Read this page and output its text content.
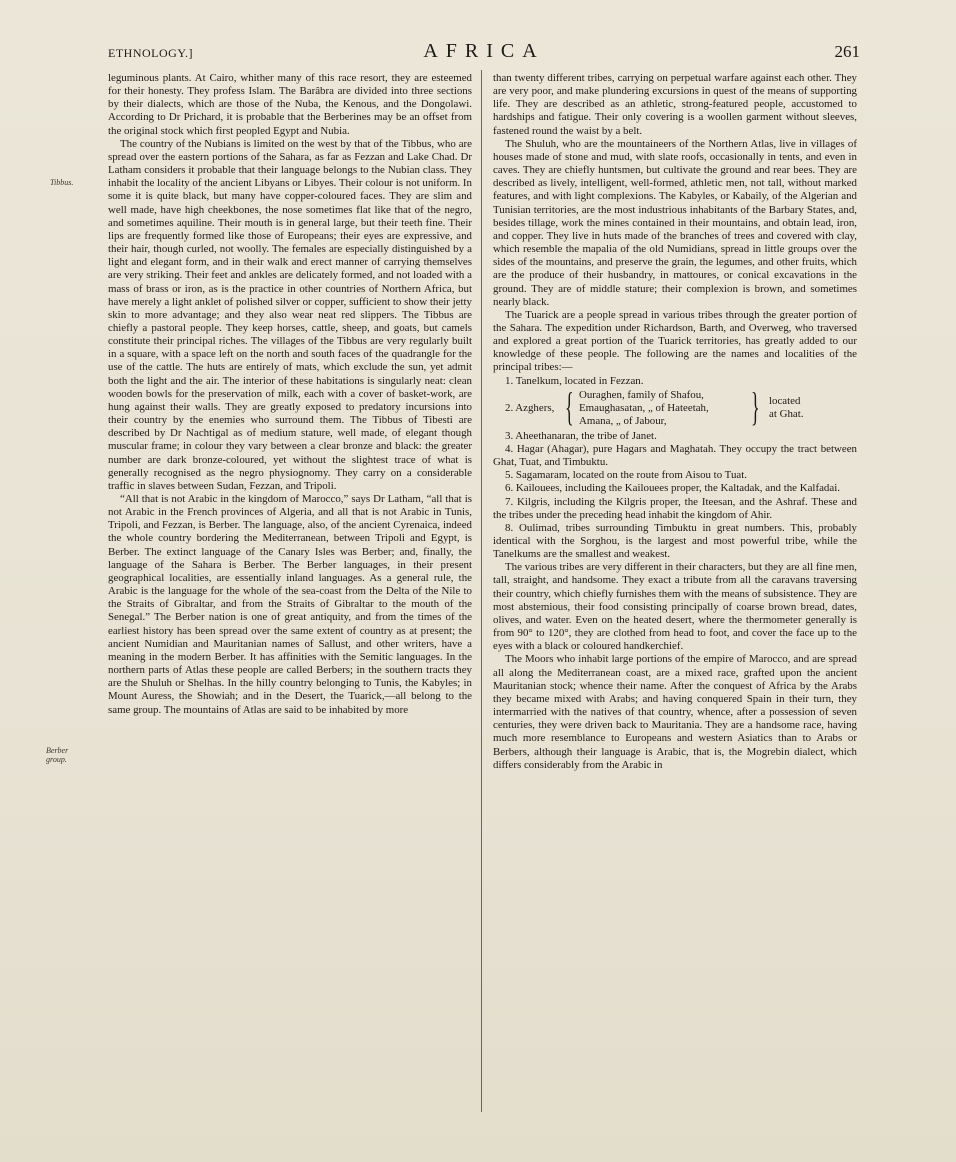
ETHNOLOGY.]	AFRICA	261
Tibbus.
Berber group.

leguminous plants. At Cairo, whither many of this race resort, they are esteemed for their honesty. They profess Islam. The Barâbra are divided into three sections by their dialects, which are those of the Nuba, the Kenous, and the Dongolawi. According to Dr Prichard, it is probable that the Berberines may be an offset from the original stock which first peopled Egypt and Nubia.

The country of the Nubians is limited on the west by that of the Tibbus, who are spread over the eastern portions of the Sahara, as far as Fezzan and Lake Chad. Dr Latham considers it probable that their language belongs to the Nubian class. They inhabit the locality of the ancient Libyans or Libyes. Their colour is not uniform. In some it is quite black, but many have copper-coloured faces. They are slim and well made, have high cheekbones, the nose sometimes flat like that of the negro, and sometimes aquiline. Their mouth is in general large, but their teeth fine. Their lips are frequently formed like those of Europeans; their eyes are expressive, and their hair, though curled, not woolly. The females are especially distinguished by a light and elegant form, and in their walk and erect manner of carrying themselves are very striking. Their feet and ankles are delicately formed, and not loaded with a mass of brass or iron, as is the practice in other countries of Northern Africa, but have merely a light anklet of polished silver or copper, sufficient to show their jetty skin to more advantage; and they also wear neat red slippers. The Tibbus are chiefly a pastoral people. They keep horses, cattle, sheep, and goats, but camels constitute their principal riches. The villages of the Tibbus are very regularly built in a square, with a space left on the north and south faces of the quadrangle for the use of the cattle. The huts are entirely of mats, which exclude the sun, yet admit both the light and the air. The interior of these habitations is singularly neat: clean wooden bowls for the preservation of milk, each with a cover of basket-work, are hung against their walls. They are greatly exposed to predatory incursions into their country by the enemies who surround them. The Tibbus of Tibesti are described by Dr Nachtigal as of medium stature, well made, of elegant though muscular frame; in colour they vary between a clear bronze and black: the greater number are dark bronze-coloured, yet without the slightest trace of what is generally recognised as the negro physiognomy. They carry on a considerable traffic in slaves between Sudan, Fezzan, and Tripoli.

“All that is not Arabic in the kingdom of Marocco,” says Dr Latham, “all that is not Arabic in the French provinces of Algeria, and all that is not Arabic in Tunis, Tripoli, and Fezzan, is Berber. The language, also, of the ancient Cyrenaica, indeed the whole country bordering the Mediterranean, between Tripoli and Egypt, is Berber. The extinct language of the Canary Isles was Berber; and, finally, the language of the Sahara is Berber. The Berber languages, in their present geographical localities, are essentially inland languages. As a general rule, the Arabic is the language for the whole of the sea-coast from the Delta of the Nile to the Straits of Gibraltar, and from the Straits of Gibraltar to the mouth of the Senegal.” The Berber nation is one of great antiquity, and from the times of the earliest history has been spread over the same extent of country as at present; the ancient Numidian and Mauritanian names of Sallust, and other writers, have a meaning in the modern Berber. It has affinities with the Semitic languages. In the northern parts of Atlas these people are called Berbers; in the southern tracts they are the Shuluh or Shelhas. In the hilly country belonging to Tunis, the Kabyles; in Mount Auress, the Showiah; and in the Desert, the Tuarick,—all belong to the same group. The mountains of Atlas are said to be inhabited by more

than twenty different tribes, carrying on perpetual warfare against each other. They are very poor, and make plundering excursions in quest of the means of supporting life. They are described as an athletic, strong-featured people, accustomed to hardships and fatigue. Their only covering is a woollen garment without sleeves, fastened round the waist by a belt.

The Shuluh, who are the mountaineers of the Northern Atlas, live in villages of houses made of stone and mud, with slate roofs, occasionally in tents, and even in caves. They are chiefly huntsmen, but cultivate the ground and rear bees. They are described as lively, intelligent, well-formed, athletic men, not tall, without marked features, and with light complexions. The Kabyles, or Kabaily, of the Algerian and Tunisian territories, are the most industrious inhabitants of the Barbary States, and, besides tillage, work the mines contained in their mountains, and obtain lead, iron, and copper. They live in huts made of the branches of trees and covered with clay, which resemble the mapalia of the old Numidians, spread in little groups over the sides of the mountains, and preserve the grain, the legumes, and other fruits, which are the produce of their husbandry, in mattoures, or conical excavations in the ground. They are of middle stature; their complexion is brown, and sometimes nearly black.

The Tuarick are a people spread in various tribes through the greater portion of the Sahara. The expedition under Richardson, Barth, and Overweg, who traversed and explored a great portion of the Tuarick territories, has greatly added to our knowledge of these people. The following are the names and localities of the principal tribes:—

1. Tanelkum, located in Fezzan.

2. Azghers, { Ouraghen, family of Shafou,
Emaughasatan, „ of Hateetah,
Amana, „ of Jabour,	} located
at Ghat.

3. Aheethanaran, the tribe of Janet.

4. Hagar (Ahagar), pure Hagars and Maghatah. They occupy the tract between Ghat, Tuat, and Timbuktu.

5. Sagamaram, located on the route from Aisou to Tuat.

6. Kailouees, including the Kailouees proper, the Kaltadak, and the Kalfadai.

7. Kilgris, including the Kilgris proper, the Iteesan, and the Ashraf. These and the tribes under the preceding head inhabit the kingdom of Ahir.

8. Oulimad, tribes surrounding Timbuktu in great numbers. This, probably identical with the Sorghou, is the largest and most powerful tribe, while the Tanelkums are the smallest and weakest.

The various tribes are very different in their characters, but they are all fine men, tall, straight, and handsome. They exact a tribute from all the caravans traversing their country, which chiefly furnishes them with the means of subsistence. They are most abstemious, their food consisting principally of coarse brown bread, dates, olives, and water. Even on the heated desert, where the thermometer generally is from 90° to 120°, they are clothed from head to foot, and cover the face up to the eyes with a black or coloured handkerchief.

The Moors who inhabit large portions of the empire of Marocco, and are spread all along the Mediterranean coast, are a mixed race, grafted upon the ancient Mauritanian stock; whence their name. After the conquest of Africa by the Arabs they became mixed with Arabs; and having conquered Spain in their turn, they intermarried with the natives of that country, whence, after a possession of seven centuries, they were driven back to Mauritania. They are a handsome race, having much more resemblance to Europeans and western Asiatics than to Arabs or Berbers, although their language is Arabic, that is, the Mogrebin dialect, which differs considerably from the Arabic in
